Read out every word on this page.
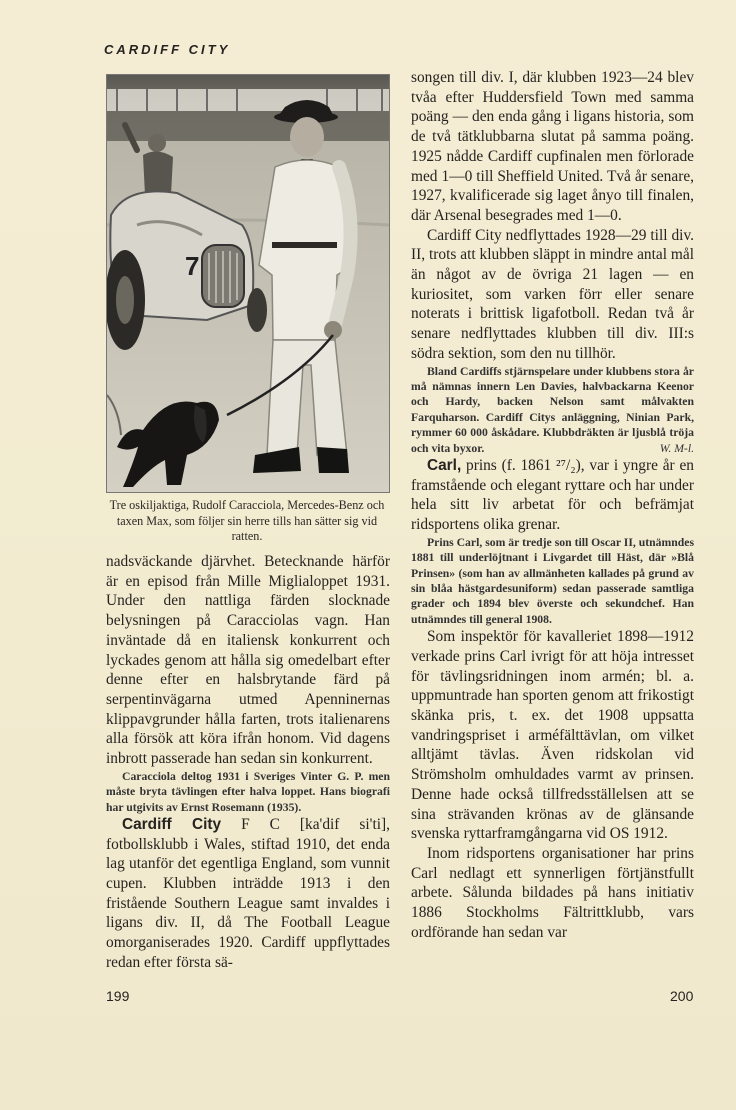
CARDIFF CITY
7
Tre oskiljaktiga, Rudolf Caracciola, Mercedes-Benz och taxen Max, som följer sin herre tills han sätter sig vid ratten.

nadsväckande djärvhet. Betecknande härför är en episod från Mille Miglialoppet 1931. Under den nattliga färden slocknade belysningen på Caracciolas vagn. Han inväntade då en italiensk konkurrent och lyckades genom att hålla sig omedelbart efter denne efter en halsbrytande färd på serpentinvägarna utmed Apenninernas klippavgrunder hålla farten, trots italienarens alla försök att köra ifrån honom. Vid dagens inbrott passerade han sedan sin konkurrent.

Caracciola deltog 1931 i Sveriges Vinter G. P. men måste bryta tävlingen efter halva loppet. Hans biografi har utgivits av Ernst Rosemann (1935).

Cardiff City F C [ka'dif si'ti], fotbollsklubb i Wales, stiftad 1910, det enda lag utanför det egentliga England, som vunnit cupen. Klubben inträdde 1913 i den fristående Southern League samt invaldes i ligans div. II, då The Football League omorganiserades 1920. Cardiff uppflyttades redan efter första sä-

songen till div. I, där klubben 1923—24 blev tvåa efter Huddersfield Town med samma poäng — den enda gång i ligans historia, som de två tätklubbarna slutat på samma poäng. 1925 nådde Cardiff cupfinalen men förlorade med 1—0 till Sheffield United. Två år senare, 1927, kvalificerade sig laget ånyo till finalen, där Arsenal besegrades med 1—0.

Cardiff City nedflyttades 1928—29 till div. II, trots att klubben släppt in mindre antal mål än något av de övriga 21 lagen — en kuriositet, som varken förr eller senare noterats i brittisk ligafotboll. Redan två år senare nedflyttades klubben till div. III:s södra sektion, som den nu tillhör.

Bland Cardiffs stjärnspelare under klubbens stora år må nämnas innern Len Davies, halvbackarna Keenor och Hardy, backen Nelson samt målvakten Farquharson. Cardiff Citys anläggning, Ninian Park, rymmer 60 000 åskådare. Klubbdräkten är ljusblå tröja och vita byxor.	W. M-l.

Carl, prins (f. 1861 ²⁷/₂), var i yngre år en framstående och elegant ryttare och har under hela sitt liv arbetat för och befrämjat ridsportens olika grenar.

Prins Carl, som är tredje son till Oscar II, utnämndes 1881 till underlöjtnant i Livgardet till Häst, där »Blå Prinsen» (som han av allmänheten kallades på grund av sin blåa hästgardesuniform) sedan passerade samtliga grader och 1894 blev överste och sekundchef. Han utnämndes till general 1908.

Som inspektör för kavalleriet 1898—1912 verkade prins Carl ivrigt för att höja intresset för tävlingsridningen inom armén; bl. a. uppmuntrade han sporten genom att frikostigt skänka pris, t. ex. det 1908 uppsatta vandringspriset i arméfälttävlan, om vilket alltjämt tävlas. Även ridskolan vid Strömsholm omhuldades varmt av prinsen. Denne hade också tillfredsställelsen att se sina strävanden krönas av de glänsande svenska ryttarframgångarna vid OS 1912.

Inom ridsportens organisationer har prins Carl nedlagt ett synnerligen förtjänstfullt arbete. Sålunda bildades på hans initiativ 1886 Stockholms Fältrittklubb, vars ordförande han sedan var

199	200
